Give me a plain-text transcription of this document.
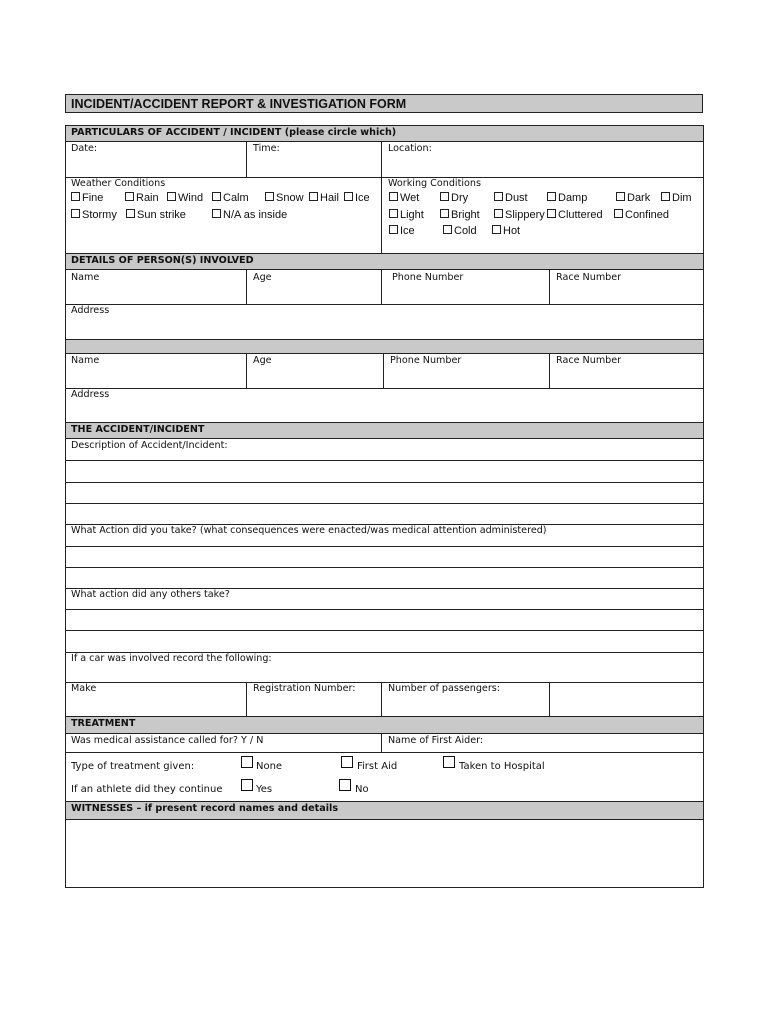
INCIDENT/ACCIDENT REPORT & INVESTIGATION FORM
PARTICULARS OF ACCIDENT / INCIDENT (please circle which)
Date:	Time:	Location:
Weather Conditions
Fine	Rain	Wind	Calm	Snow	Hail	Ice
Stormy	Sun strike	N/A as inside
Working Conditions
Wet	Dry	Dust	Damp	Dark	Dim
Light	Bright	Slippery	Cluttered	Confined
Ice	Cold	Hot
DETAILS OF PERSON(S) INVOLVED
Name	Age	Phone Number	Race Number
Address
Name	Age	Phone Number	Race Number
Address
THE ACCIDENT/INCIDENT
Description of Accident/Incident:
What Action did you take? (what consequences were enacted/was medical attention administered)
What action did any others take?
If a car was involved record the following:
Make	Registration Number:	Number of passengers:
TREATMENT
Was medical assistance called for? Y / N	Name of First Aider:
Type of treatment given:	None	First Aid	Taken to Hospital
If an athlete did they continue	Yes	No
WITNESSES – if present record names and details
